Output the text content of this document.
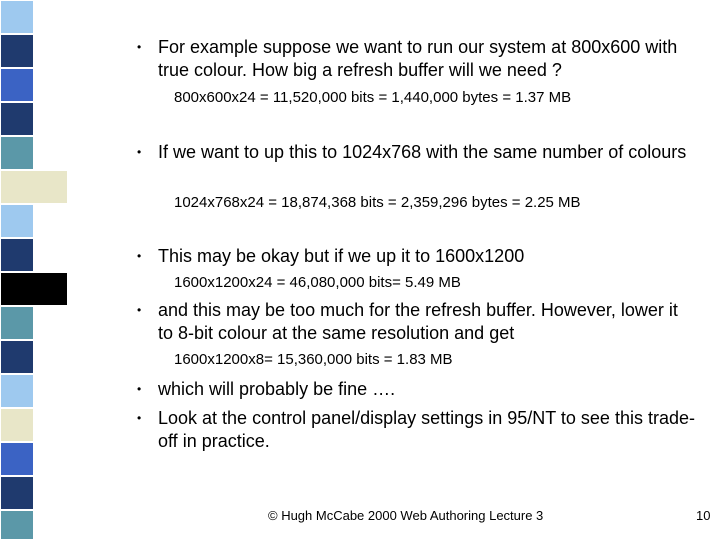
• For example suppose we want to run our system at 800x600 with true colour. How big a refresh buffer will we need ?
800x600x24 = 11,520,000 bits = 1,440,000 bytes = 1.37 MB
• If we want to up this to 1024x768 with the same number of colours
1024x768x24 = 18,874,368 bits = 2,359,296 bytes = 2.25 MB
• This may be okay but if we up it to 1600x1200
1600x1200x24 = 46,080,000 bits= 5.49 MB
• and this may be too much for the refresh buffer. However, lower it to 8-bit colour at the same resolution and get
1600x1200x8= 15,360,000 bits = 1.83 MB
• which will probably be fine ….
• Look at the control panel/display settings in 95/NT to see this trade-off in practice.
© Hugh McCabe 2000 Web Authoring Lecture 3	10
